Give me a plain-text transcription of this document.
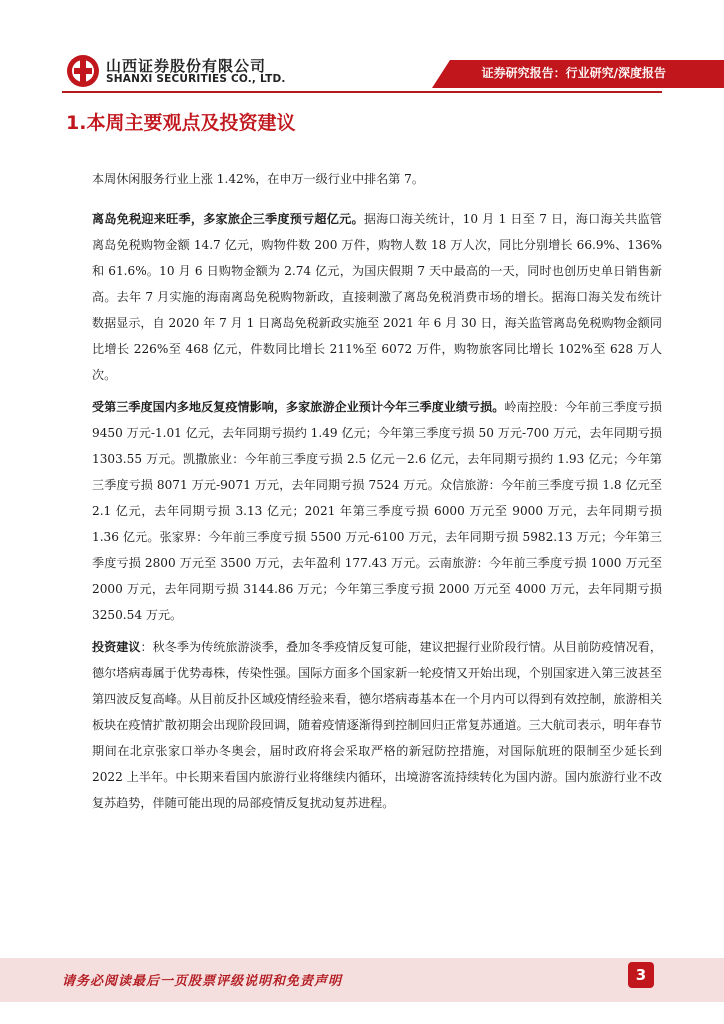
山西证券股份有限公司
SHANXI SECURITIES CO., LTD.	证券研究报告：行业研究/深度报告
1.本周主要观点及投资建议
本周休闲服务行业上涨 1.42%，在申万一级行业中排名第 7。
离岛免税迎来旺季，多家旅企三季度预亏超亿元。据海口海关统计，10 月 1 日至 7 日，海口海关共监管离岛免税购物金额 14.7 亿元，购物件数 200 万件，购物人数 18 万人次，同比分别增长 66.9%、136%和 61.6%。10 月 6 日购物金额为 2.74 亿元，为国庆假期 7 天中最高的一天，同时也创历史单日销售新高。去年 7 月实施的海南离岛免税购物新政，直接刺激了离岛免税消费市场的增长。据海口海关发布统计数据显示，自 2020 年 7 月 1 日离岛免税新政实施至 2021 年 6 月 30 日，海关监管离岛免税购物金额同比增长 226%至 468 亿元，件数同比增长 211%至 6072 万件，购物旅客同比增长 102%至 628 万人次。
受第三季度国内多地反复疫情影响，多家旅游企业预计今年三季度业绩亏损。岭南控股：今年前三季度亏损 9450 万元-1.01 亿元，去年同期亏损约 1.49 亿元；今年第三季度亏损 50 万元-700 万元，去年同期亏损 1303.55 万元。凯撒旅业：今年前三季度亏损 2.5 亿元－2.6 亿元，去年同期亏损约 1.93 亿元；今年第三季度亏损 8071 万元-9071 万元，去年同期亏损 7524 万元。众信旅游：今年前三季度亏损 1.8 亿元至 2.1 亿元，去年同期亏损 3.13 亿元；2021 年第三季度亏损 6000 万元至 9000 万元，去年同期亏损 1.36 亿元。张家界：今年前三季度亏损 5500 万元-6100 万元，去年同期亏损 5982.13 万元；今年第三季度亏损 2800 万元至 3500 万元，去年盈利 177.43 万元。云南旅游：今年前三季度亏损 1000 万元至 2000 万元，去年同期亏损 3144.86 万元；今年第三季度亏损 2000 万元至 4000 万元，去年同期亏损 3250.54 万元。
投资建议：秋冬季为传统旅游淡季，叠加冬季疫情反复可能，建议把握行业阶段行情。从目前防疫情况看，德尔塔病毒属于优势毒株，传染性强。国际方面多个国家新一轮疫情又开始出现，个别国家进入第三波甚至第四波反复高峰。从目前反扑区域疫情经验来看，德尔塔病毒基本在一个月内可以得到有效控制，旅游相关板块在疫情扩散初期会出现阶段回调，随着疫情逐渐得到控制回归正常复苏通道。三大航司表示，明年春节期间在北京张家口举办冬奥会，届时政府将会采取严格的新冠防控措施，对国际航班的限制至少延长到 2022 上半年。中长期来看国内旅游行业将继续内循环，出境游客流持续转化为国内游。国内旅游行业不改复苏趋势，伴随可能出现的局部疫情反复扰动复苏进程。
请务必阅读最后一页股票评级说明和免责声明	3
